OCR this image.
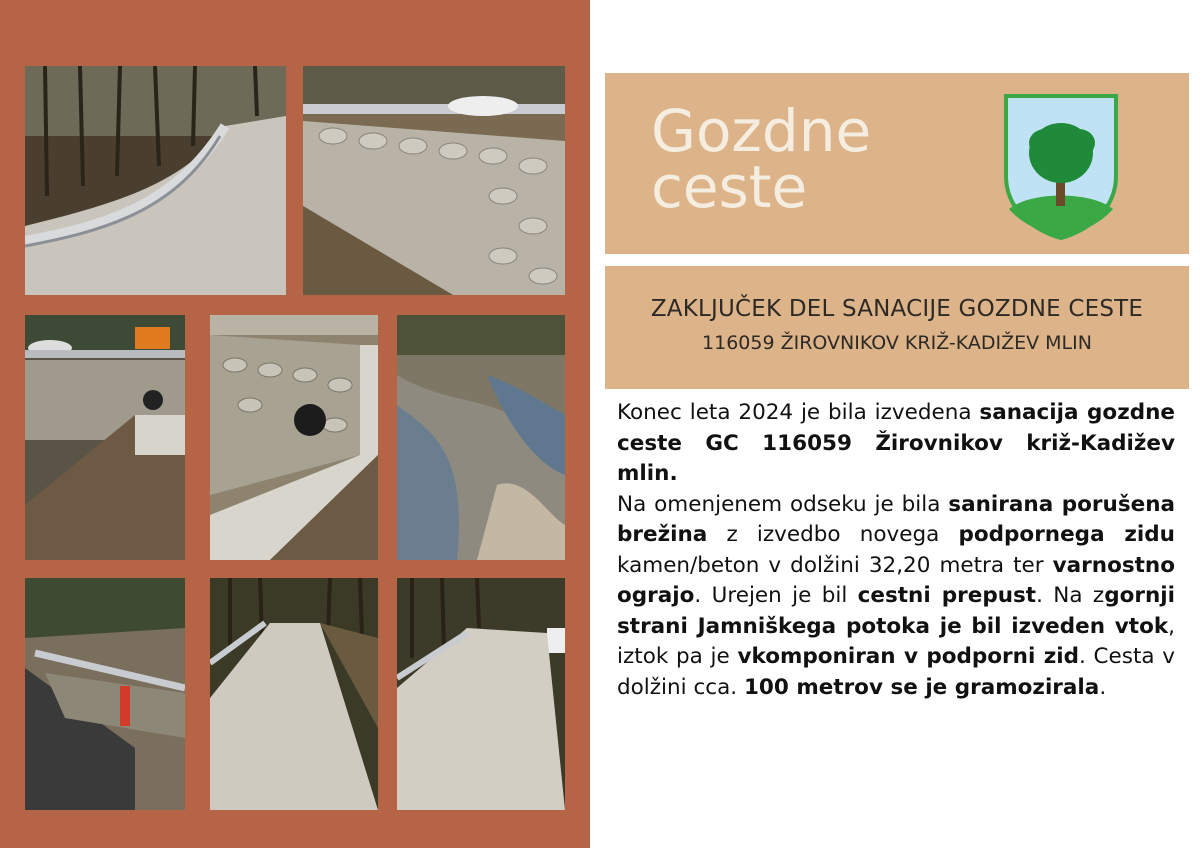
Gozdne
ceste
ZAKLJUČEK DEL SANACIJE GOZDNE CESTE
116059 ŽIROVNIKOV KRIŽ-KADIŽEV MLIN

Konec leta 2024 je bila izvedena sanacija gozdne ceste GC 116059 Žirovnikov križ-Kadižev mlin.

Na omenjenem odseku je bila sanirana porušena brežina z izvedbo novega podpornega zidu kamen/beton v dolžini 32,20 metra ter varnostno ograjo. Urejen je bil cestni prepust. Na zgornji strani Jamniškega potoka je bil izveden vtok, iztok pa je vkomponiran v podporni zid. Cesta v dolžini cca. 100 metrov se je gramozirala.
